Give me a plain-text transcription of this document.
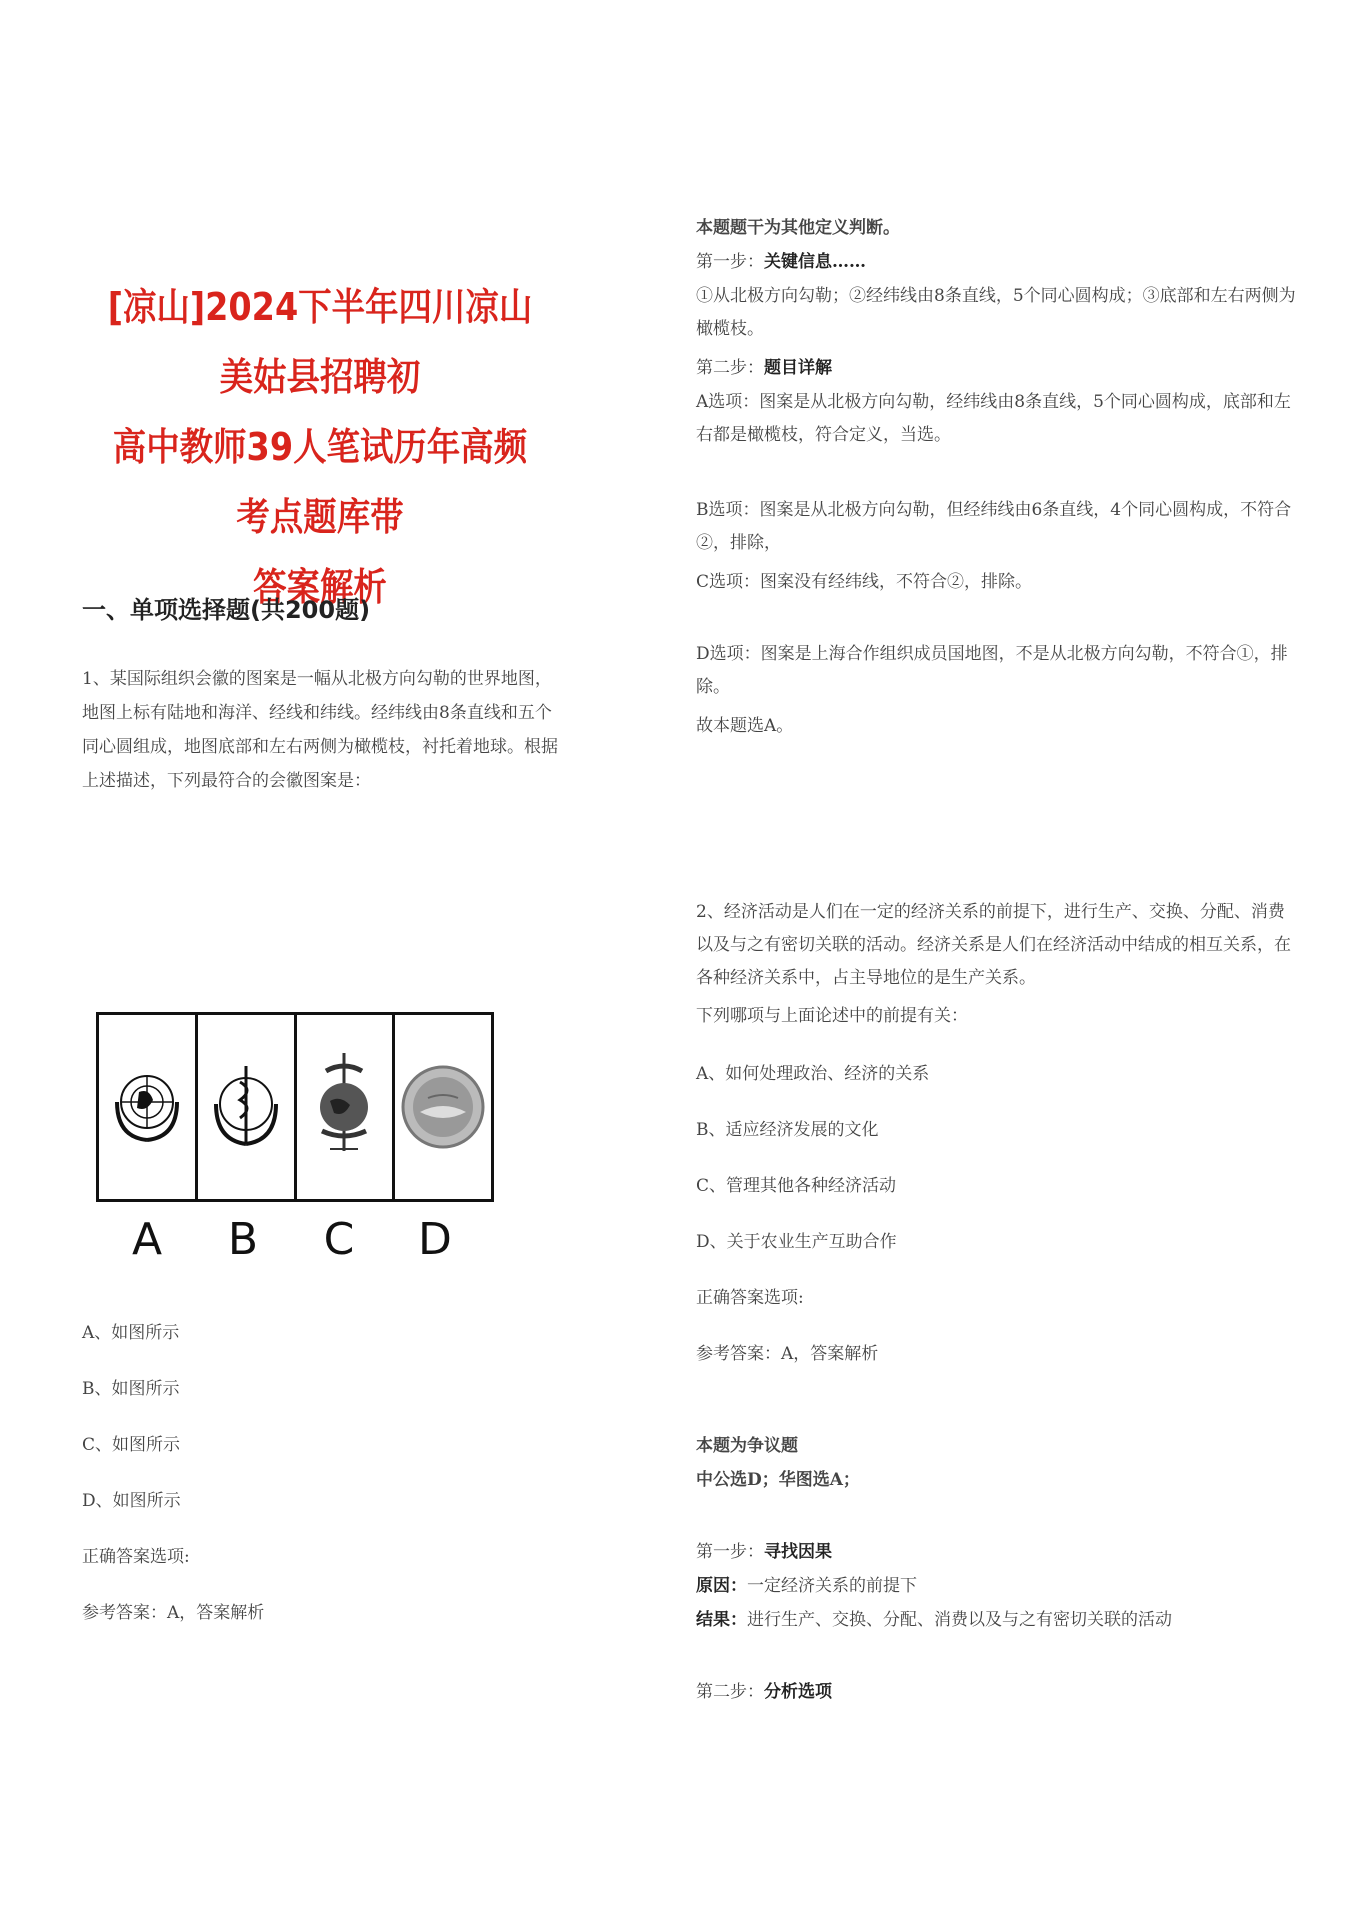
[凉山]2024下半年四川凉山美姑县招聘初
高中教师39人笔试历年高频考点题库带
答案解析
一、单项选择题(共200题)
1、某国际组织会徽的图案是一幅从北极方向勾勒的世界地图，地图上标有陆地和海洋、经线和纬线。经纬线由8条直线和五个同心圆组成，地图底部和左右两侧为橄榄枝，衬托着地球。根据上述描述，下列最符合的会徽图案是：
A	B	C	D
A、如图所示
B、如图所示
C、如图所示
D、如图所示
正确答案选项:
参考答案：A，答案解析
本题题干为其他定义判断。
第一步：关键信息……
①从北极方向勾勒；②经纬线由8条直线，5个同心圆构成；③底部和左右两侧为橄榄枝。
第二步：题目详解
A选项：图案是从北极方向勾勒，经纬线由8条直线，5个同心圆构成，底部和左右都是橄榄枝，符合定义，当选。
B选项：图案是从北极方向勾勒，但经纬线由6条直线，4个同心圆构成，不符合②，排除，
C选项：图案没有经纬线，不符合②，排除。
D选项：图案是上海合作组织成员国地图，不是从北极方向勾勒，不符合①，排除。
故本题选A。
2、经济活动是人们在一定的经济关系的前提下，进行生产、交换、分配、消费以及与之有密切关联的活动。经济关系是人们在经济活动中结成的相互关系，在各种经济关系中，占主导地位的是生产关系。
下列哪项与上面论述中的前提有关：
A、如何处理政治、经济的关系
B、适应经济发展的文化
C、管理其他各种经济活动
D、关于农业生产互助合作
正确答案选项:
参考答案：A，答案解析
本题为争议题
中公选D；华图选A；
第一步：寻找因果
原因：一定经济关系的前提下
结果：进行生产、交换、分配、消费以及与之有密切关联的活动
第二步：分析选项
